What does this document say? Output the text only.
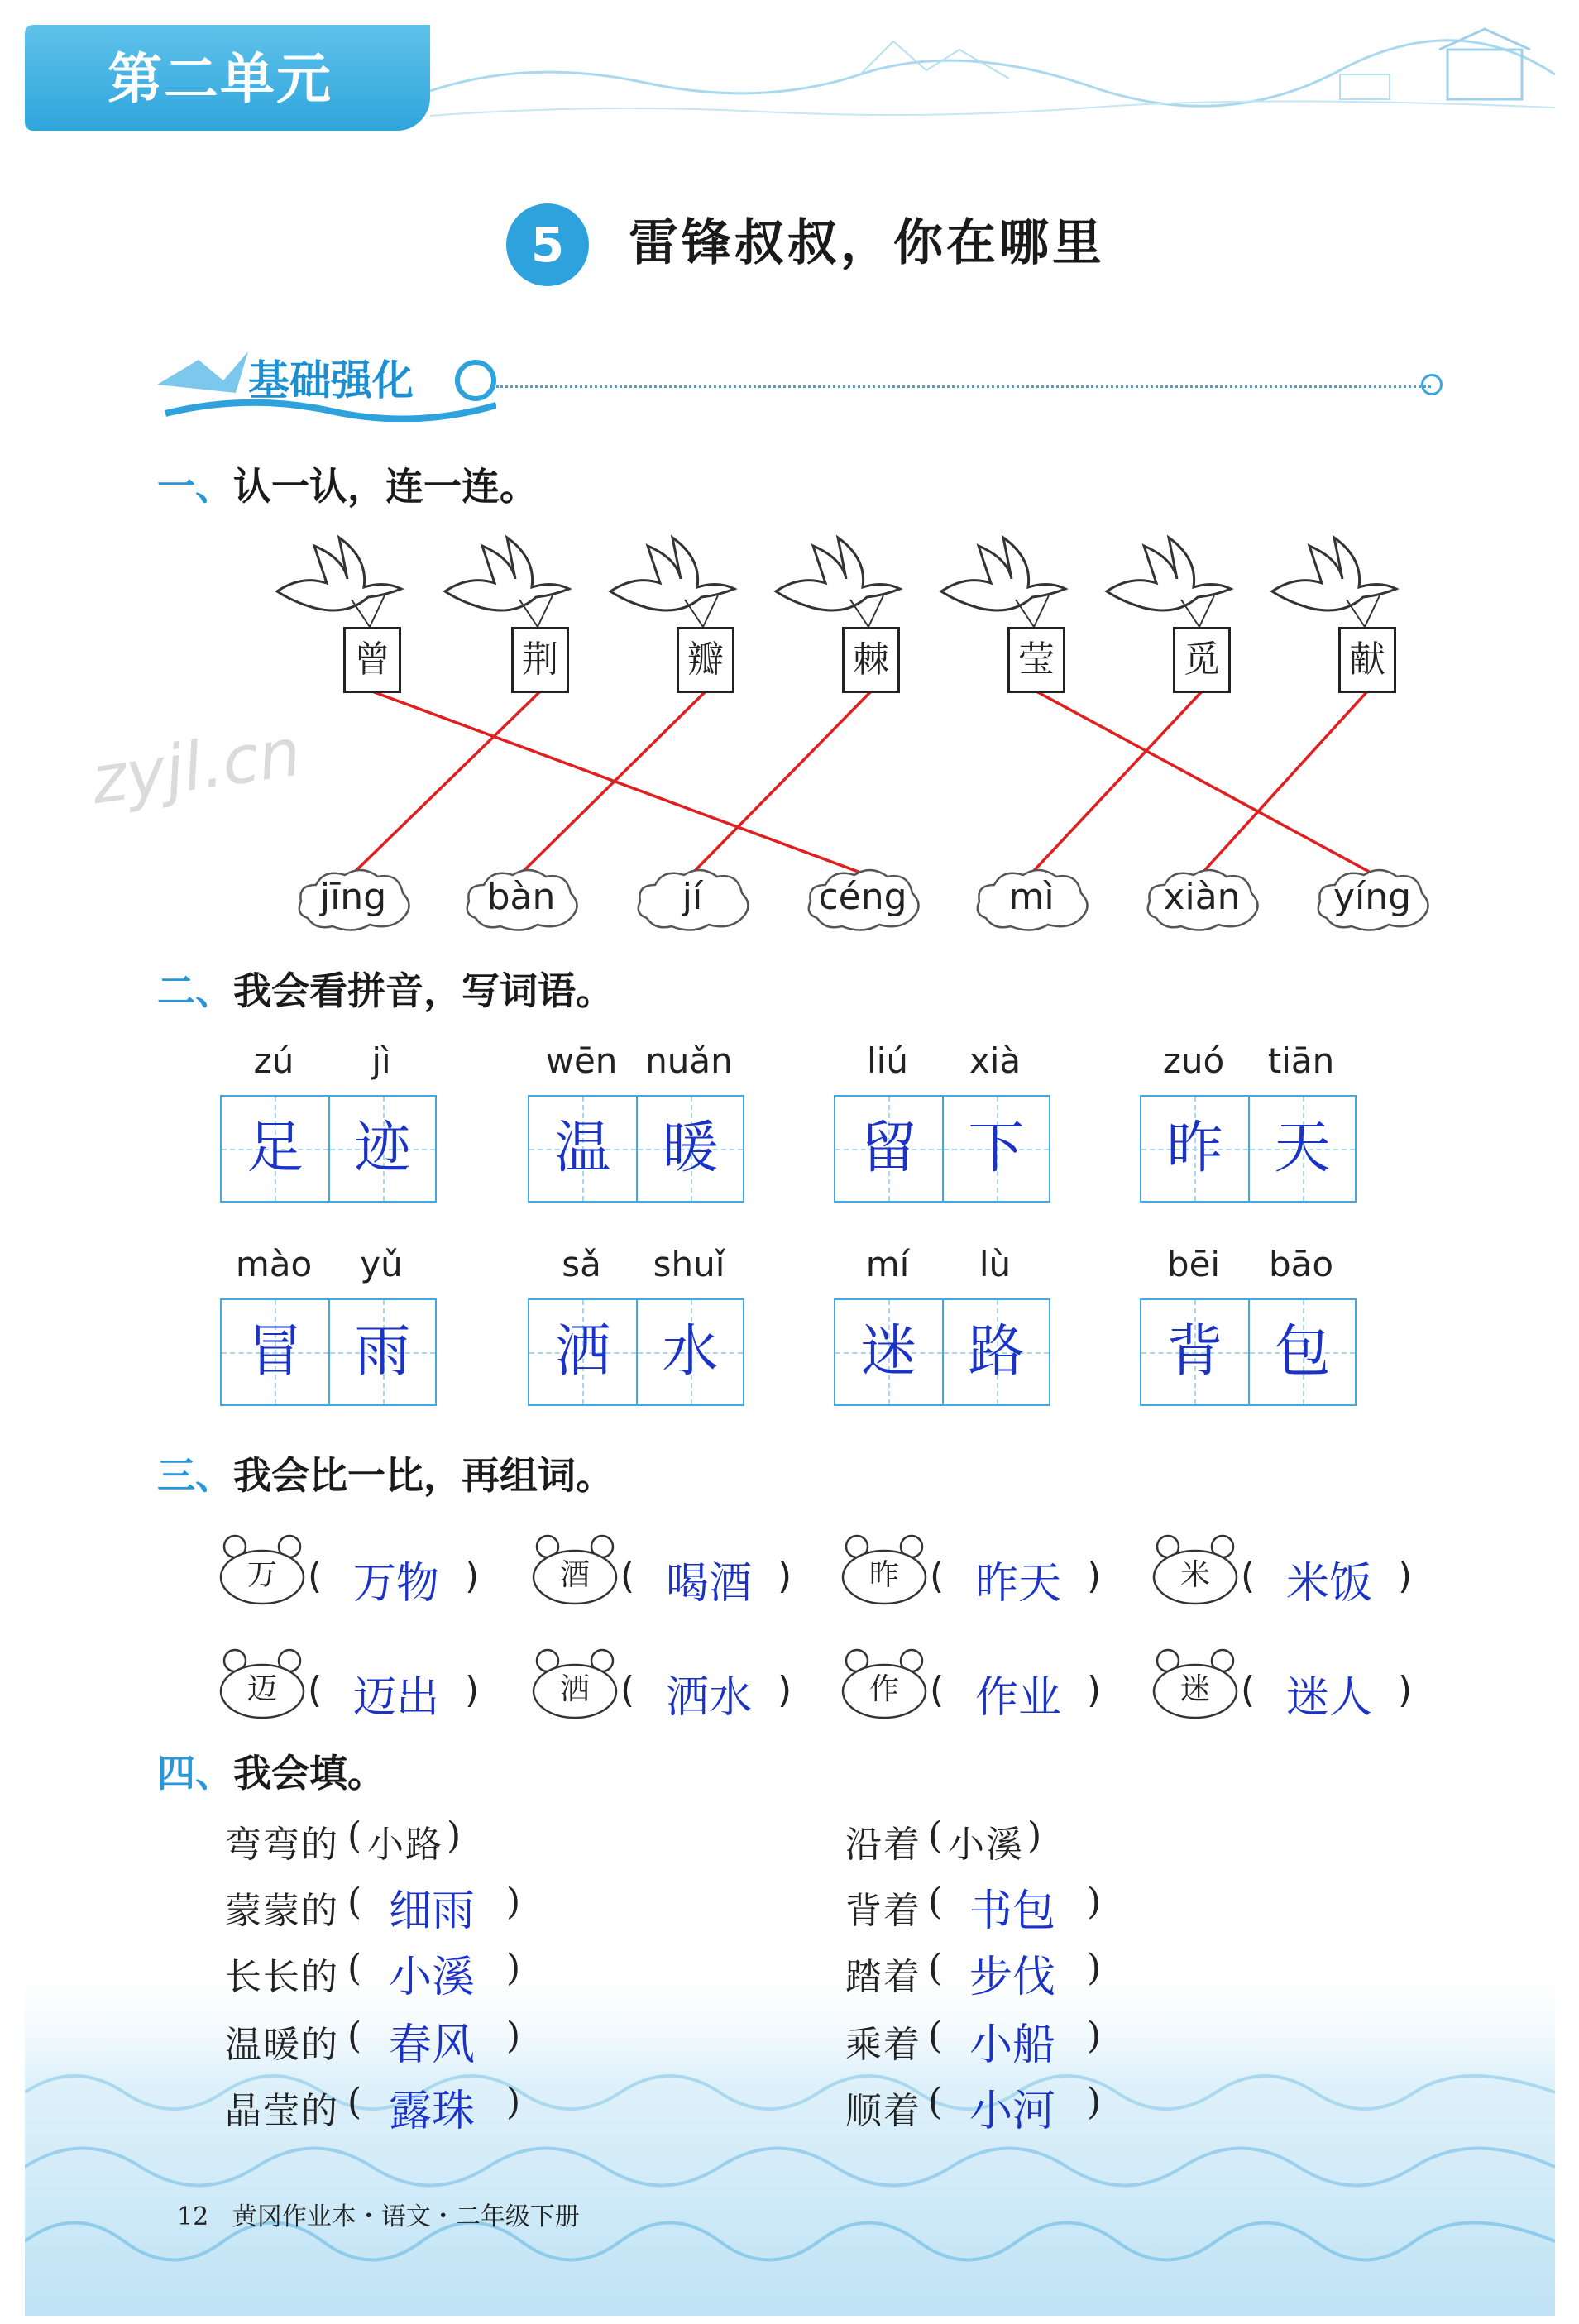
第二单元
5	雷锋叔叔，你在哪里
基础强化
zyjl.cn
一、认一认，连一连。
二、我会看拼音，写词语。
三、我会比一比，再组词。
四、我会填。
12 黄冈作业本・语文・二年级下册
曾	荆	瓣	棘	莹	觅	献
jīng	bàn	jí	céng	mì	xiàn	yíng
zú	jì
足 迹
wēn nuǎn
温 暖
liú	xià
留 下
zuó	tiān
昨 天
mào	yǔ
冒 雨
sǎ	shuǐ
洒 水
mí	lù
迷 路
bēi	bāo
背 包
万 ( 万物 )	酒 ( 喝酒 )	昨 ( 昨天 )	米 ( 米饭 )
迈 ( 迈出 )	洒 ( 洒水 )	作 ( 作业 )	迷 ( 迷人 )
弯弯的 ( 小路 )
蒙蒙的 ( 细雨 )
长长的 ( 小溪 )
温暖的 ( 春风 )
晶莹的 ( 露珠 )
沿着 ( 小溪 )
背着 ( 书包 )
踏着 ( 步伐 )
乘着 ( 小船 )
顺着 ( 小河 )
